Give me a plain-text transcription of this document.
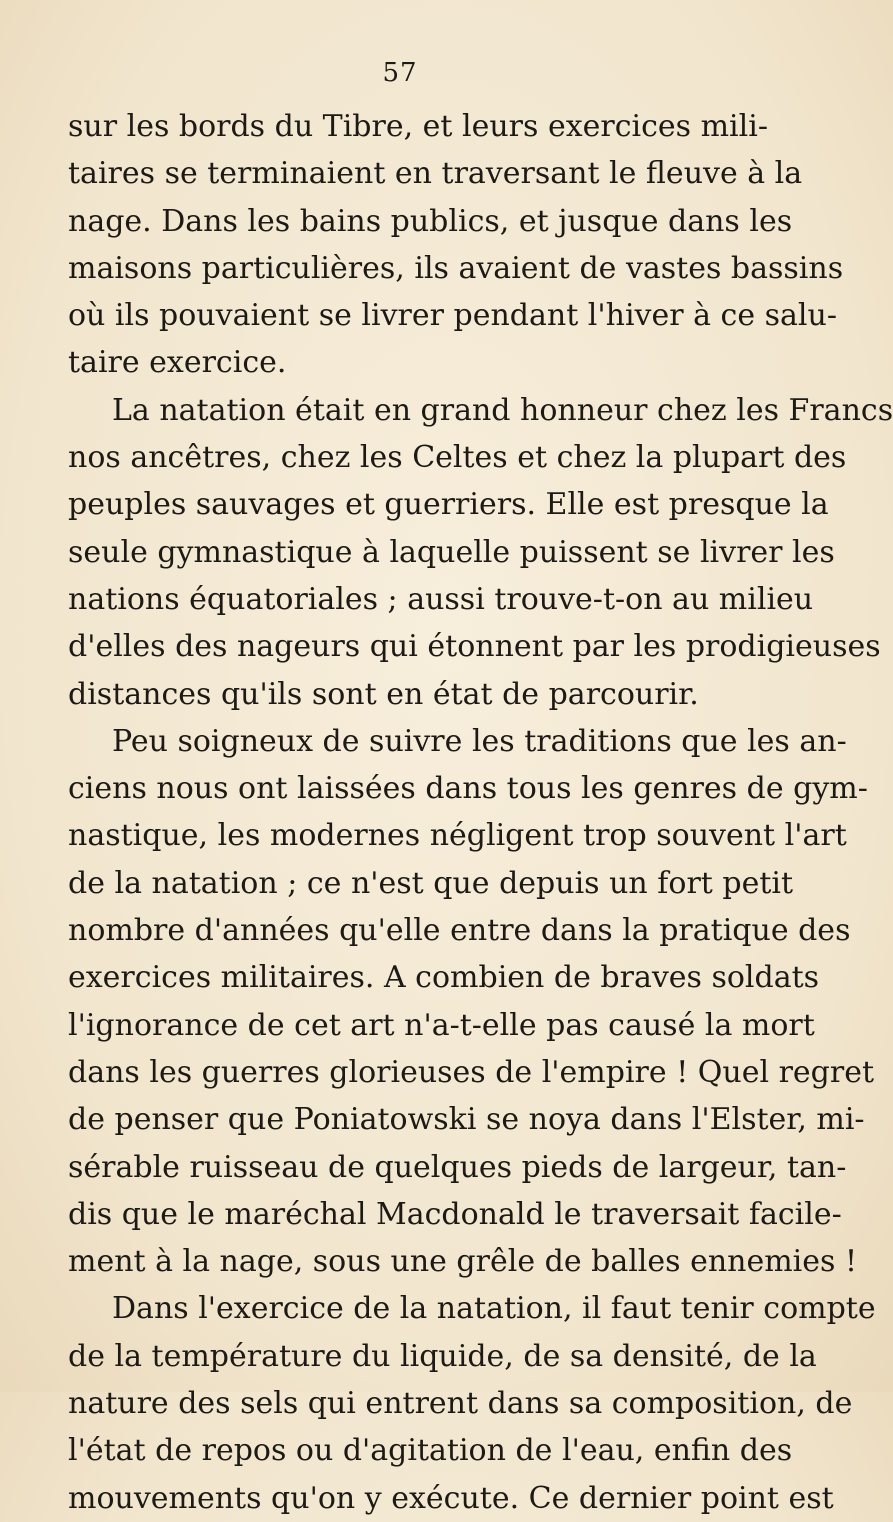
57
sur les bords du Tibre, et leurs exercices mili-
taires se terminaient en traversant le fleuve à la
nage. Dans les bains publics, et jusque dans les
maisons particulières, ils avaient de vastes bassins
où ils pouvaient se livrer pendant l'hiver à ce salu-
taire exercice.
La natation était en grand honneur chez les Francs
nos ancêtres, chez les Celtes et chez la plupart des
peuples sauvages et guerriers. Elle est presque la
seule gymnastique à laquelle puissent se livrer les
nations équatoriales ; aussi trouve-t-on au milieu
d'elles des nageurs qui étonnent par les prodigieuses
distances qu'ils sont en état de parcourir.
Peu soigneux de suivre les traditions que les an-
ciens nous ont laissées dans tous les genres de gym-
nastique, les modernes négligent trop souvent l'art
de la natation ; ce n'est que depuis un fort petit
nombre d'années qu'elle entre dans la pratique des
exercices militaires. A combien de braves soldats
l'ignorance de cet art n'a-t-elle pas causé la mort
dans les guerres glorieuses de l'empire ! Quel regret
de penser que Poniatowski se noya dans l'Elster, mi-
sérable ruisseau de quelques pieds de largeur, tan-
dis que le maréchal Macdonald le traversait facile-
ment à la nage, sous une grêle de balles ennemies !
Dans l'exercice de la natation, il faut tenir compte
de la température du liquide, de sa densité, de la
nature des sels qui entrent dans sa composition, de
l'état de repos ou d'agitation de l'eau, enfin des
mouvements qu'on y exécute. Ce dernier point est
